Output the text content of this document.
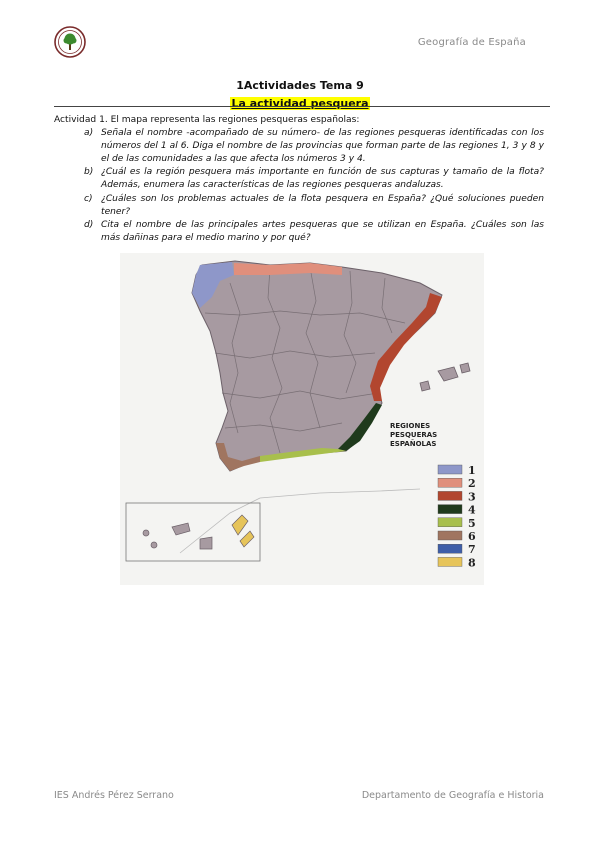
Geografía de España
1Actividades Tema 9
La actividad pesquera

Actividad 1. El mapa representa las regiones pesqueras españolas:

a) Señala el nombre -acompañado de su número- de las regiones pesqueras identificadas con los números del 1 al 6. Diga el nombre de las provincias que forman parte de las regiones 1, 3 y 8 y el de las comunidades a las que afecta los números 3 y 4.
b) ¿Cuál es la región pesquera más importante en función de sus capturas y tamaño de la flota? Además, enumera las características de las regiones pesqueras andaluzas.
c) ¿Cuáles son los problemas actuales de la flota pesquera en España? ¿Qué soluciones pueden tener?
d) Cita el nombre de las principales artes pesqueras que se utilizan en España. ¿Cuáles son las más dañinas para el medio marino y por qué?
REGIONES
PESQUERAS
ESPAÑOLAS
1
2
3
4
5
6
7
8
IES Andrés Pérez Serrano	Departamento de Geografía e Historia
